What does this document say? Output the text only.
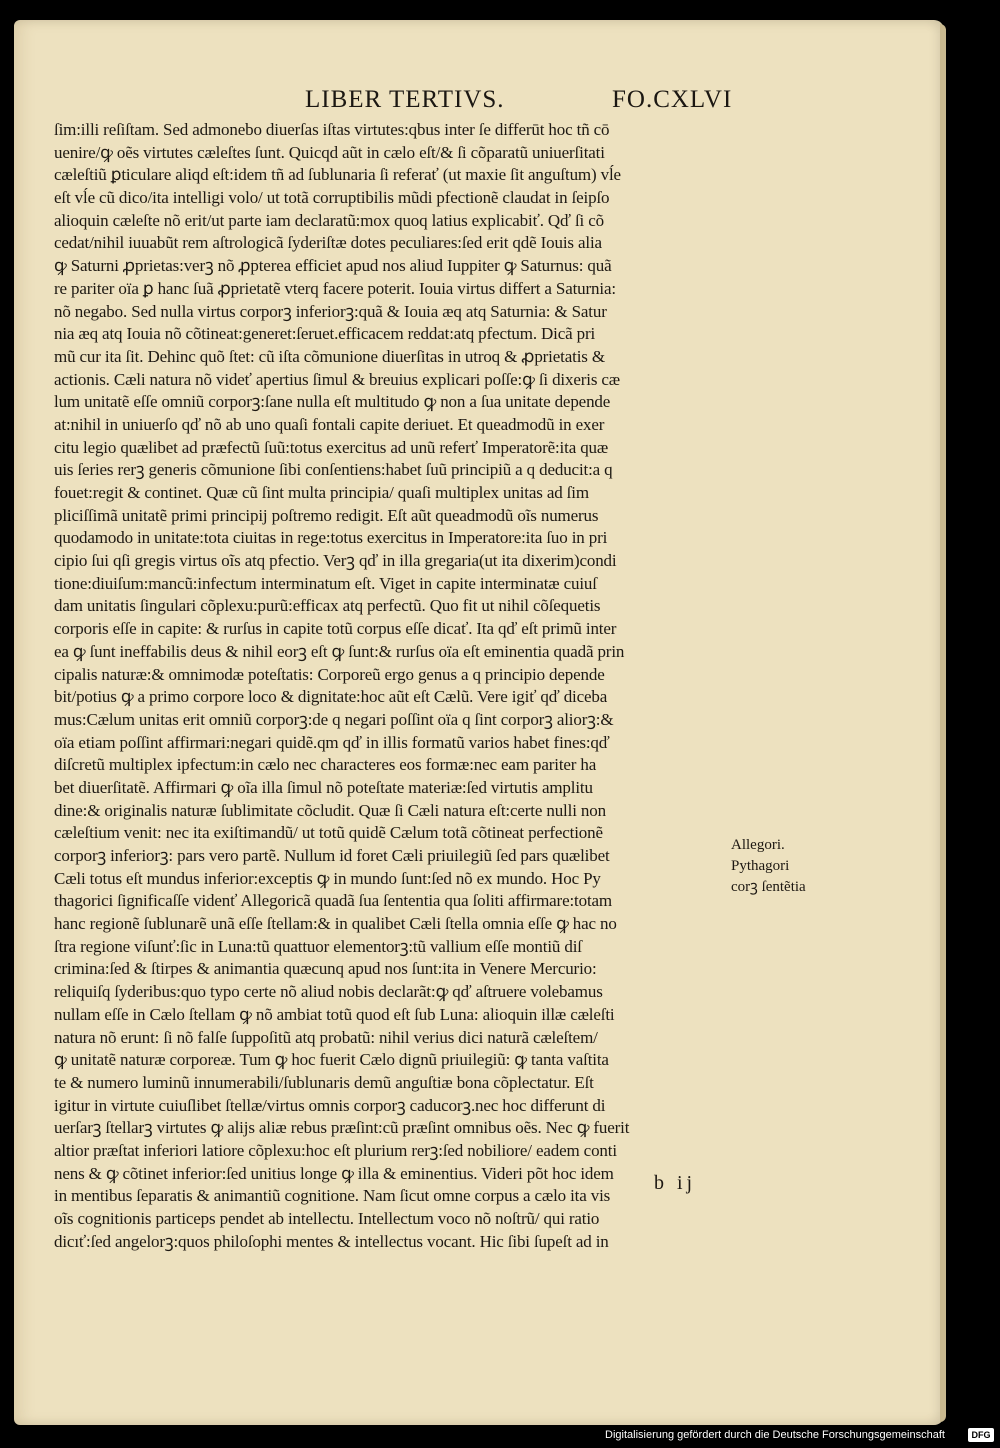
LIBER TERTIVS.	FO.CXLVI
ſim:illi reſiſtam. Sed admonebo diuerſas iſtas virtutes:qbus inter ſe differūt hoc tñ cō
uenire/ꝙ oẽs virtutes cæleſtes ſunt. Quicqd aũt in cælo eſt/& ſi cõparatũ uniuerſitati
cæleſtiũ ꝑticulare aliqd eſt:idem tñ ad ſublunaria ſi referať (ut maxie ſit anguſtum) vĺe
eſt vĺe cũ dico/ita intelligi volo/ ut totã corruptibilis mũdi pfectionẽ claudat in ſeipſo
alioquin cæleſte nõ erit/ut parte iam declaratũ:mox quoq latius explicabiť. Qď ſi cõ
cedat/nihil iuuabũt rem aſtrologicã ſyderiſtæ dotes peculiares:ſed erit qdẽ Iouis alia
ꝙ Saturni ꝓprietas:verꝫ nõ ꝓpterea efficiet apud nos aliud Iuppiter ꝙ Saturnus: quã
re pariter oïa ꝑ hanc ſuã ꝓprietatẽ vterq facere poterit. Iouia virtus differt a Saturnia:
nõ negabo. Sed nulla virtus corporꝫ inferiorꝫ:quã & Iouia æq atq Saturnia: & Satur
nia æq atq Iouia nõ cõtineat:generet:ſeruet.efficacem reddat:atq pfectum. Dicã pri
mũ cur ita ſit. Dehinc quõ ſtet: cũ iſta cõmunione diuerſitas in utroq & ꝓprietatis &
actionis. Cæli natura nõ videť apertius ſimul & breuius explicari poſſe:ꝙ ſi dixeris cæ
lum unitatẽ eſſe omniũ corporꝫ:ſane nulla eſt multitudo ꝙ non a ſua unitate depende
at:nihil in uniuerſo qď nõ ab uno quaſi fontali capite deriuet. Et queadmodũ in exer
citu legio quælibet ad præfectũ ſuũ:totus exercitus ad unũ referť Imperatorẽ:ita quæ
uis ſeries rerꝫ generis cõmunione ſibi conſentiens:habet ſuũ principiũ a q deducit:a q
fouet:regit & continet. Quæ cũ ſint multa principia/ quaſi multiplex unitas ad ſim
pliciſſimã unitatẽ primi principij poſtremo redigit. Eſt aũt queadmodũ oĩs numerus
quodamodo in unitate:tota ciuitas in rege:totus exercitus in Imperatore:ita ſuo in pri
cipio ſui qſi gregis virtus oĩs atq pfectio. Verꝫ qď in illa gregaria(ut ita dixerim)condi
tione:diuiſum:mancũ:infectum interminatum eſt. Viget in capite interminatæ cuiuſ
dam unitatis ſingulari cõplexu:purũ:efficax atq perfectũ. Quo fit ut nihil cõſequetis
corporis eſſe in capite: & rurſus in capite totũ corpus eſſe dicať. Ita qď eſt primũ inter
ea ꝙ ſunt ineffabilis deus & nihil eorꝫ eſt ꝙ ſunt:& rurſus oïa eſt eminentia quadã prin
cipalis naturæ:& omnimodæ poteſtatis: Corporeũ ergo genus a q principio depende
bit/potius ꝙ a primo corpore loco & dignitate:hoc aũt eſt Cælũ. Vere igiť qď diceba
mus:Cælum unitas erit omniũ corporꝫ:de q negari poſſint oïa q ſint corporꝫ aliorꝫ:&
oïa etiam poſſint affirmari:negari quidẽ.qm qď in illis formatũ varios habet fines:qď
diſcretũ multiplex ipfectum:in cælo nec characteres eos formæ:nec eam pariter ha
bet diuerſitatẽ. Affirmari ꝙ oĩa illa ſimul nõ poteſtate materiæ:ſed virtutis amplitu
dine:& originalis naturæ ſublimitate cõcludit. Quæ ſi Cæli natura eſt:certe nulli non
cæleſtium venit: nec ita exiſtimandũ/ ut totũ quidẽ Cælum totã cõtineat perfectionẽ
corporꝫ inferiorꝫ: pars vero partẽ. Nullum id foret Cæli priuilegiũ ſed pars quælibet
Cæli totus eſt mundus inferior:exceptis ꝙ in mundo ſunt:ſed nõ ex mundo. Hoc Py
thagorici ſignificaſſe videnť Allegoricã quadã ſua ſententia qua ſoliti affirmare:totam
hanc regionẽ ſublunarẽ unã eſſe ſtellam:& in qualibet Cæli ſtella omnia eſſe ꝙ hac no
ſtra regione viſunť:ſic in Luna:tũ quattuor elementorꝫ:tũ vallium eſſe montiũ diſ
crimina:ſed & ſtirpes & animantia quæcunq apud nos ſunt:ita in Venere Mercurio:
reliquiſq ſyderibus:quo typo certe nõ aliud nobis declarãt:ꝙ qď aſtruere volebamus
nullam eſſe in Cælo ſtellam ꝙ nõ ambiat totũ quod eſt ſub Luna: alioquin illæ cæleſti
natura nõ erunt: ſi nõ falſe ſuppoſitũ atq probatũ: nihil verius dici naturã cæleſtem/
ꝙ unitatẽ naturæ corporeæ. Tum ꝙ hoc fuerit Cælo dignũ priuilegiũ: ꝙ tanta vaſtita
te & numero luminũ innumerabili/ſublunaris demũ anguſtiæ bona cõplectatur. Eſt
igitur in virtute cuiuſlibet ſtellæ/virtus omnis corporꝫ caducorꝫ.nec hoc differunt di
uerſarꝫ ſtellarꝫ virtutes ꝙ alijs aliæ rebus præſint:cũ præſint omnibus oẽs. Nec ꝙ fuerit
altior præſtat inferiori latiore cõplexu:hoc eſt plurium rerꝫ:ſed nobiliore/ eadem conti
nens & ꝙ cõtinet inferior:ſed unitius longe ꝙ illa & eminentius. Videri põt hoc idem
in mentibus ſeparatis & animantiũ cognitione. Nam ſicut omne corpus a cælo ita vis
oĩs cognitionis particeps pendet ab intellectu. Intellectum voco nõ noſtrũ/ qui ratio
dicıť:ſed angelorꝫ:quos philoſophi mentes & intellectus vocant. Hic ſibi ſupeſt ad in
Allegori.
Pythagori
corꝫ ſentẽtia
b ij
Digitalisierung gefördert durch die Deutsche Forschungsgemeinschaft	DFG
